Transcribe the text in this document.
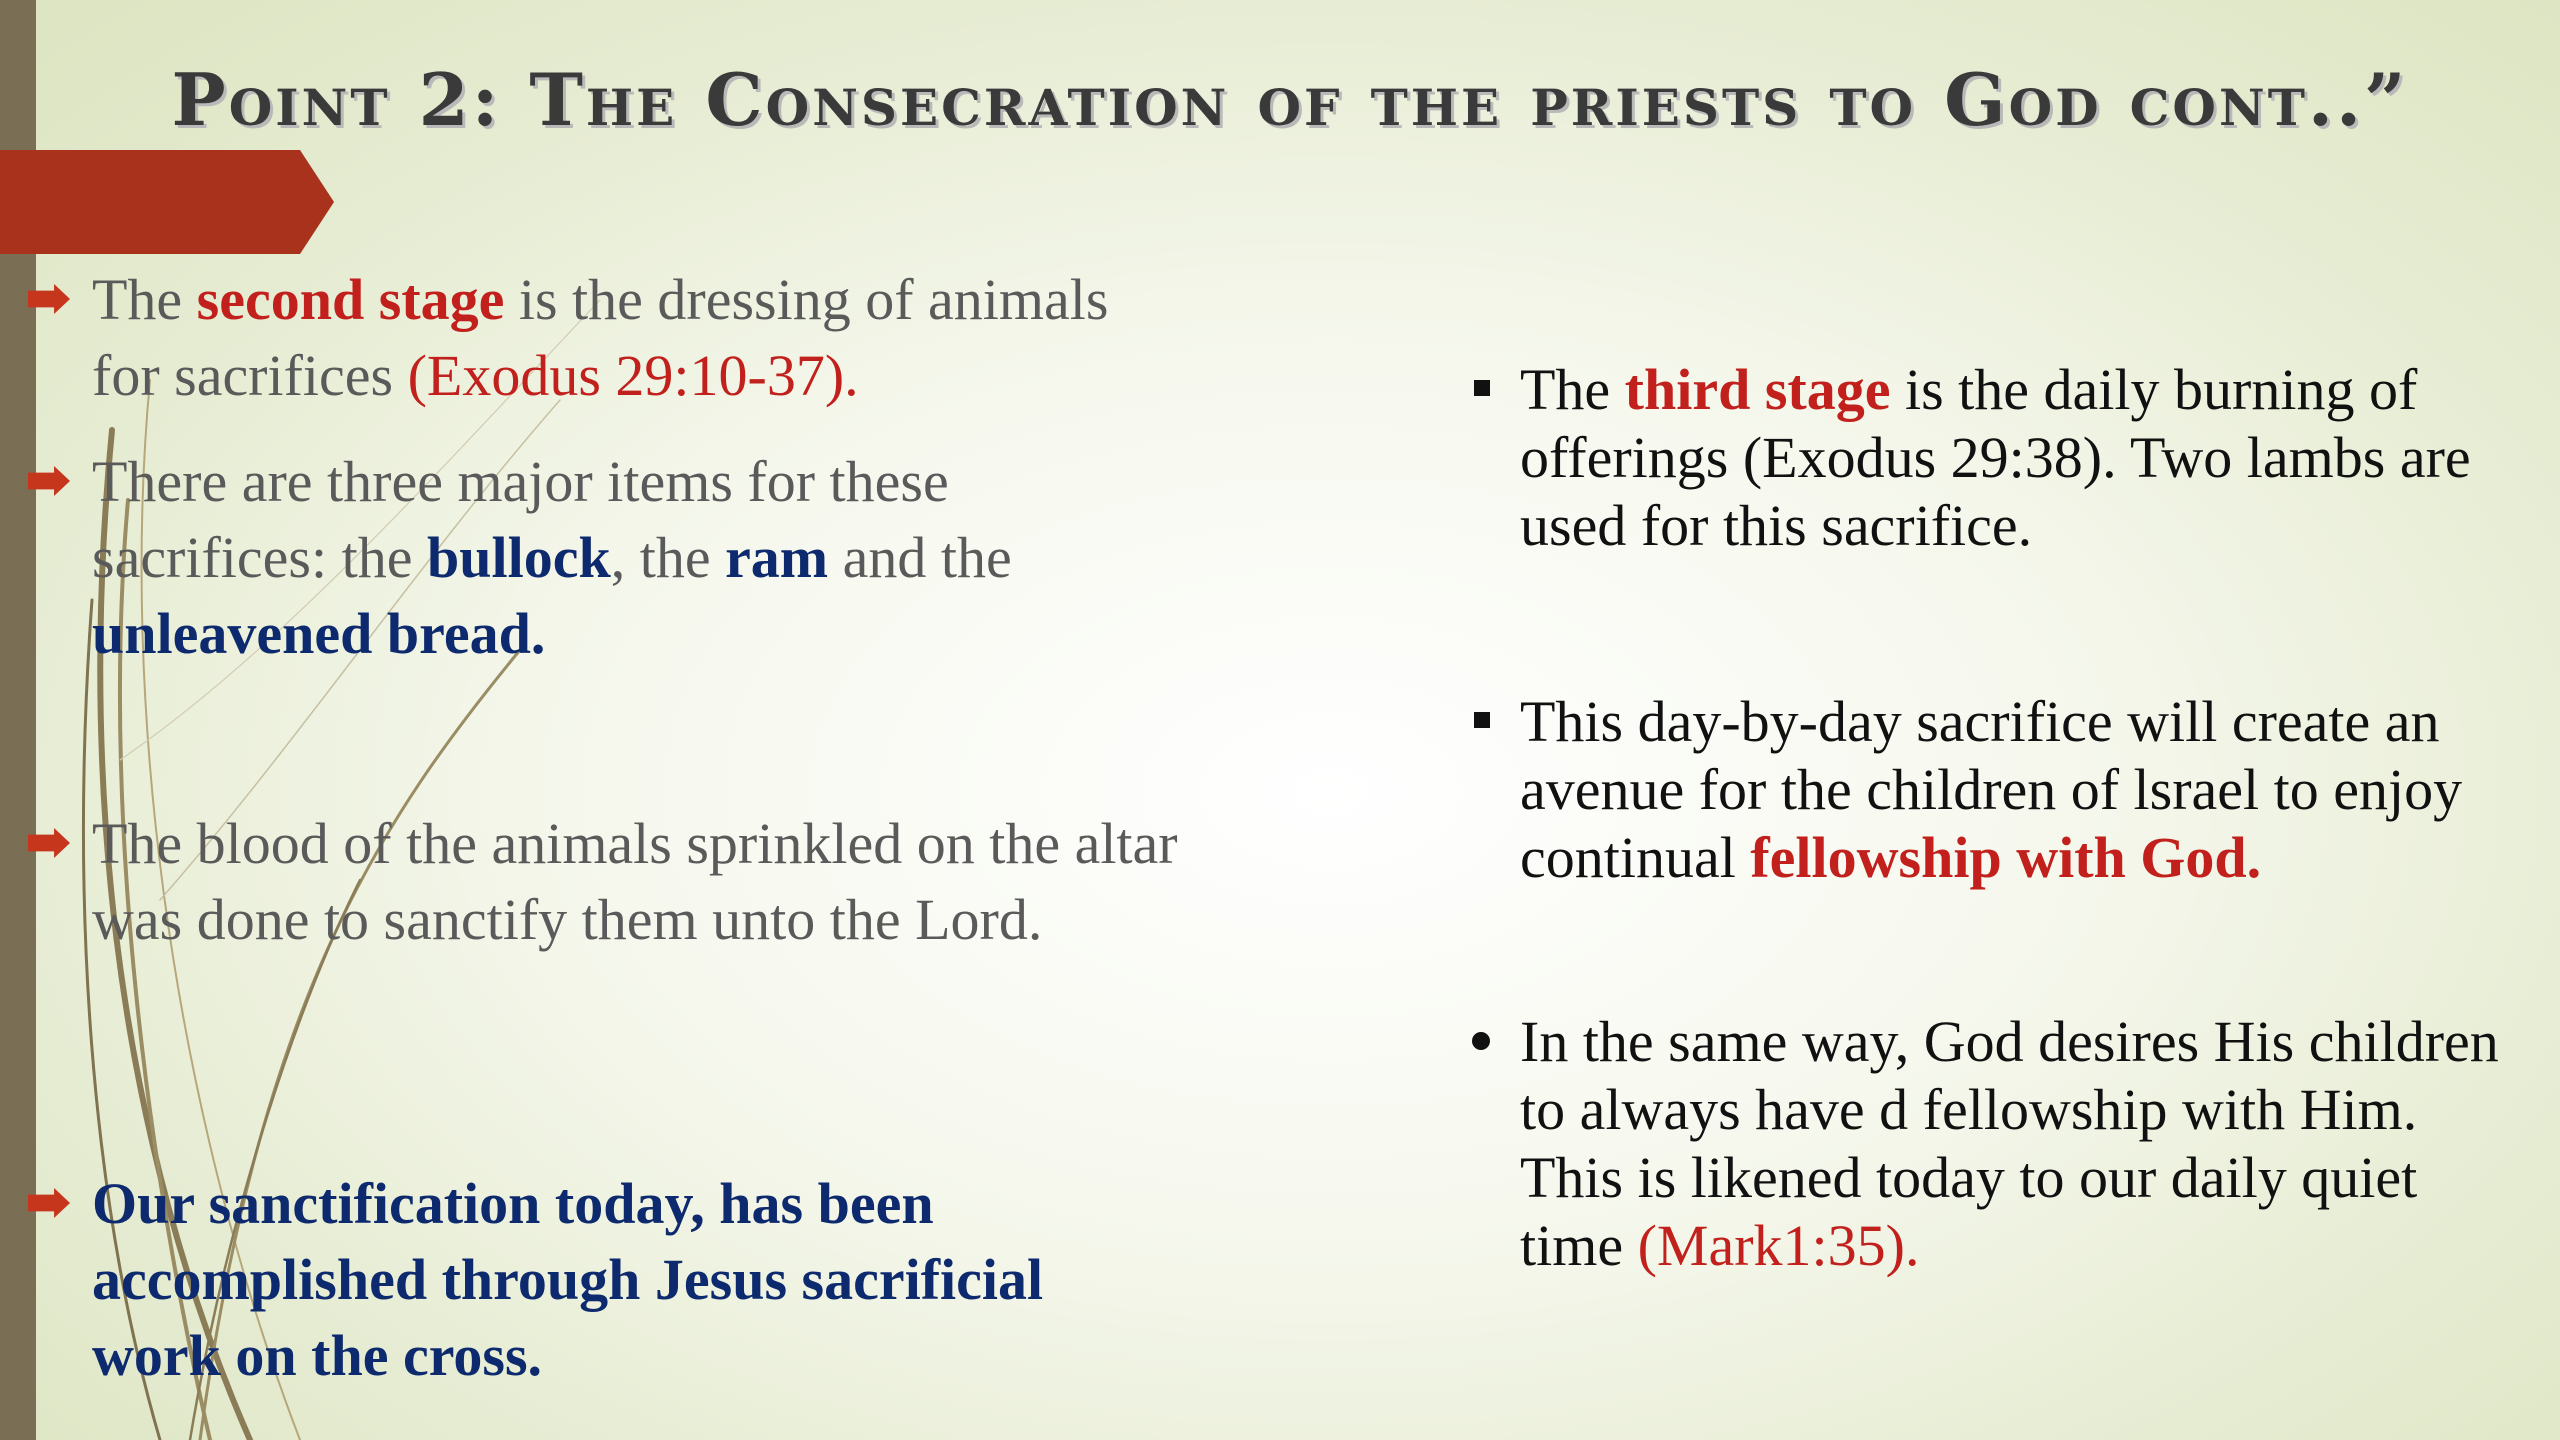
Point 2: The Consecration of the priests to God cont..”
The second stage is the dressing of animals for sacrifices (Exodus 29:10-37).
There are three major items for these sacrifices: the bullock, the ram and the unleavened bread.
The blood of the animals sprinkled on the altar was done to sanctify them unto the Lord.
Our sanctification today, has been accomplished through Jesus sacrificial work on the cross.
The third stage is the daily burning of offerings (Exodus 29:38). Two lambs are used for this sacrifice.
This day-by-day sacrifice will create an avenue for the children of lsrael to enjoy continual fellowship with God.
In the same way, God desires His children to always have d fellowship with Him. This is likened today to our daily quiet time (Mark1:35).
